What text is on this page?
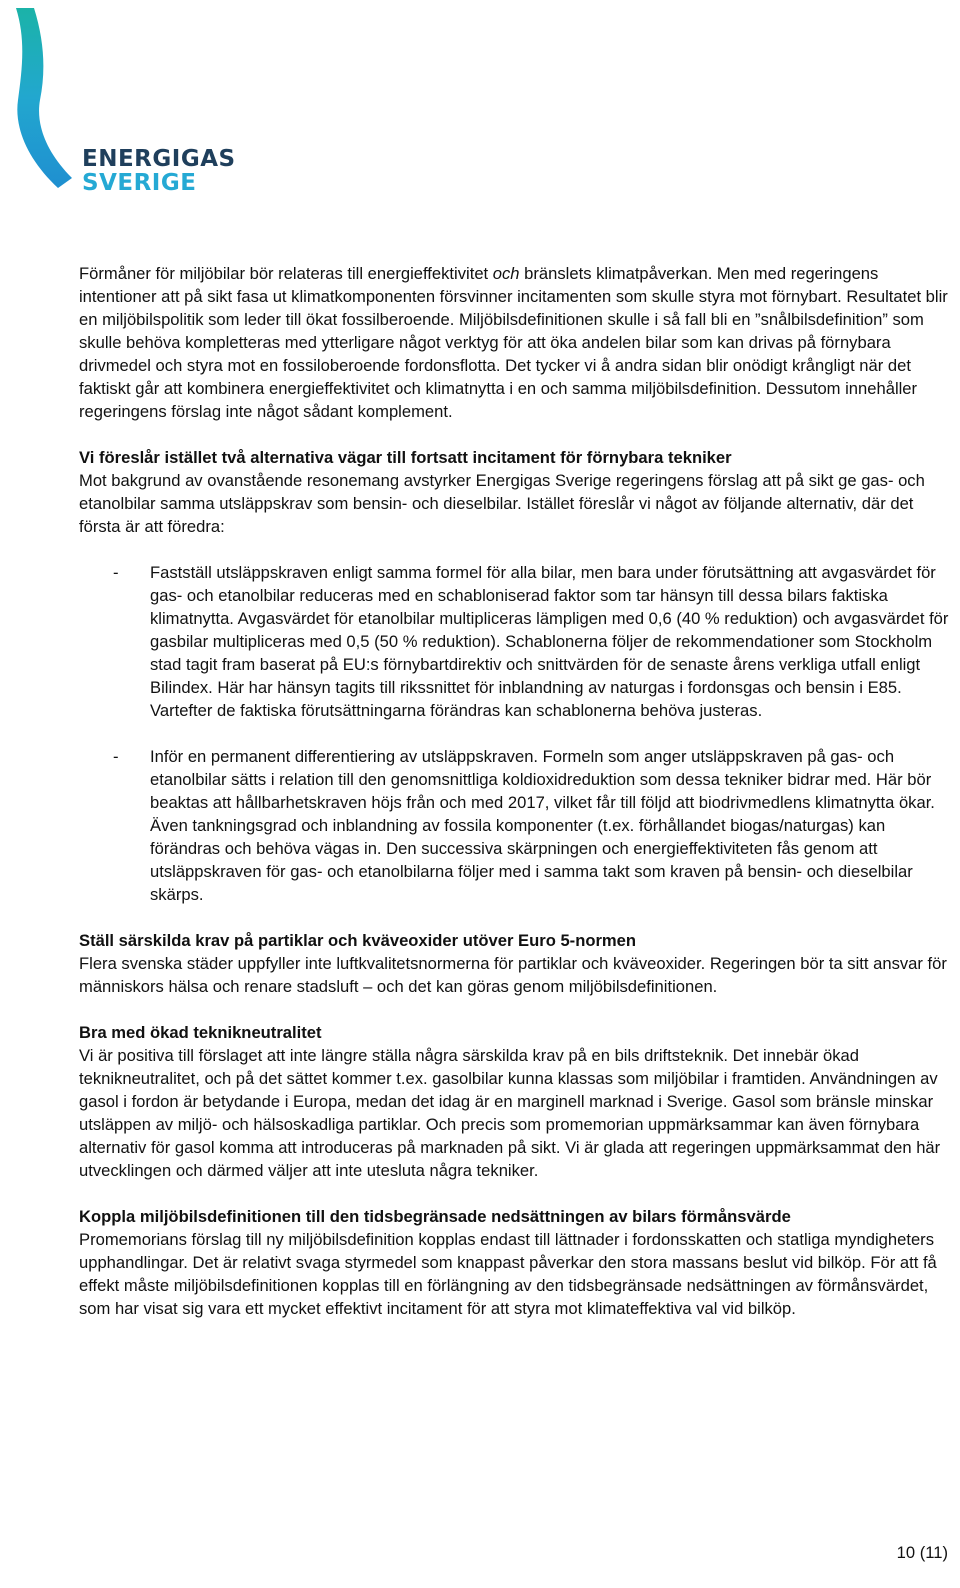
ENERGIGAS
SVERIGE

Förmåner för miljöbilar bör relateras till energieffektivitet och bränslets klimatpåverkan. Men med regeringens intentioner att på sikt fasa ut klimatkomponenten försvinner incitamenten som skulle styra mot förnybart. Resultatet blir en miljöbilspolitik som leder till ökat fossilberoende. Miljöbilsdefinitionen skulle i så fall bli en ”snålbilsdefinition” som skulle behöva kompletteras med ytterligare något verktyg för att öka andelen bilar som kan drivas på förnybara drivmedel och styra mot en fossiloberoende fordonsflotta. Det tycker vi å andra sidan blir onödigt krångligt när det faktiskt går att kombinera energieffektivitet och klimatnytta i en och samma miljöbilsdefinition. Dessutom innehåller regeringens förslag inte något sådant komplement.

Vi föreslår istället två alternativa vägar till fortsatt incitament för förnybara tekniker

Mot bakgrund av ovanstående resonemang avstyrker Energigas Sverige regeringens förslag att på sikt ge gas- och etanolbilar samma utsläppskrav som bensin- och dieselbilar. Istället föreslår vi något av följande alternativ, där det första är att föredra:

- Fastställ utsläppskraven enligt samma formel för alla bilar, men bara under förutsättning att avgasvärdet för gas- och etanolbilar reduceras med en schabloniserad faktor som tar hänsyn till dessa bilars faktiska klimatnytta. Avgasvärdet för etanolbilar multipliceras lämpligen med 0,6 (40 % reduktion) och avgasvärdet för gasbilar multipliceras med 0,5 (50 % reduktion). Schablonerna följer de rekommendationer som Stockholm stad tagit fram baserat på EU:s förnybartdirektiv och snittvärden för de senaste årens verkliga utfall enligt Bilindex. Här har hänsyn tagits till rikssnittet för inblandning av naturgas i fordonsgas och bensin i E85. Vartefter de faktiska förutsättningarna förändras kan schablonerna behöva justeras.

- Inför en permanent differentiering av utsläppskraven. Formeln som anger utsläppskraven på gas- och etanolbilar sätts i relation till den genomsnittliga koldioxidreduktion som dessa tekniker bidrar med. Här bör beaktas att hållbarhetskraven höjs från och med 2017, vilket får till följd att biodrivmedlens klimatnytta ökar. Även tankningsgrad och inblandning av fossila komponenter (t.ex. förhållandet biogas/naturgas) kan förändras och behöva vägas in. Den successiva skärpningen och energieffektiviteten fås genom att utsläppskraven för gas- och etanolbilarna följer med i samma takt som kraven på bensin- och dieselbilar skärps.

Ställ särskilda krav på partiklar och kväveoxider utöver Euro 5-normen

Flera svenska städer uppfyller inte luftkvalitetsnormerna för partiklar och kväveoxider. Regeringen bör ta sitt ansvar för människors hälsa och renare stadsluft – och det kan göras genom miljöbilsdefinitionen.

Bra med ökad teknikneutralitet

Vi är positiva till förslaget att inte längre ställa några särskilda krav på en bils driftsteknik. Det innebär ökad teknikneutralitet, och på det sättet kommer t.ex. gasolbilar kunna klassas som miljöbilar i framtiden. Användningen av gasol i fordon är betydande i Europa, medan det idag är en marginell marknad i Sverige. Gasol som bränsle minskar utsläppen av miljö- och hälsoskadliga partiklar. Och precis som promemorian uppmärksammar kan även förnybara alternativ för gasol komma att introduceras på marknaden på sikt. Vi är glada att regeringen uppmärksammat den här utvecklingen och därmed väljer att inte utesluta några tekniker.

Koppla miljöbilsdefinitionen till den tidsbegränsade nedsättningen av bilars förmånsvärde

Promemorians förslag till ny miljöbilsdefinition kopplas endast till lättnader i fordonsskatten och statliga myndigheters upphandlingar. Det är relativt svaga styrmedel som knappast påverkar den stora massans beslut vid bilköp. För att få effekt måste miljöbilsdefinitionen kopplas till en förlängning av den tidsbegränsade nedsättningen av förmånsvärdet, som har visat sig vara ett mycket effektivt incitament för att styra mot klimateffektiva val vid bilköp.

10 (11)
